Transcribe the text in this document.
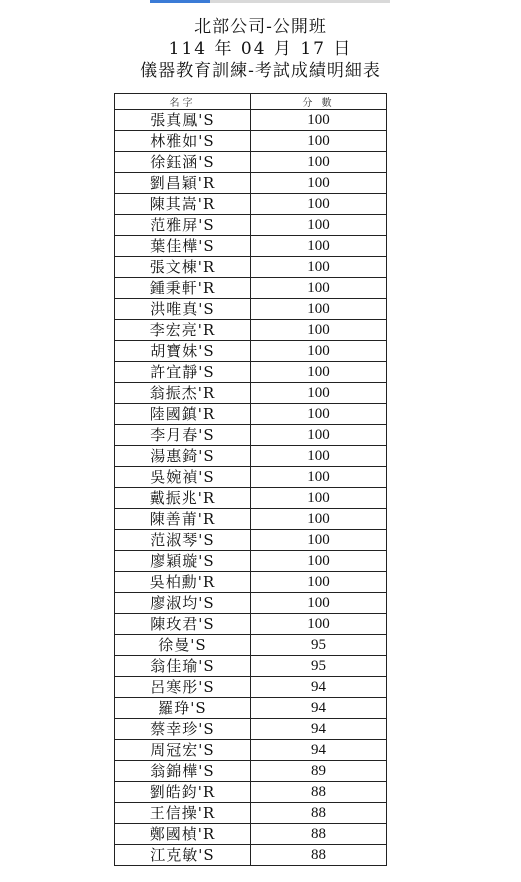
北部公司-公開班
114 年 04 月 17 日
儀器教育訓練-考試成績明細表
名字	分 數
張真鳳'S	100
林雅如'S	100
徐鈺涵'S	100
劉昌穎'R	100
陳其嵩'R	100
范雅屏'S	100
葉佳樺'S	100
張文棟'R	100
鍾秉軒'R	100
洪唯真'S	100
李宏亮'R	100
胡寶妹'S	100
許宜靜'S	100
翁振杰'R	100
陸國鎮'R	100
李月春'S	100
湯惠錡'S	100
吳婉禎'S	100
戴振兆'R	100
陳善莆'R	100
范淑琴'S	100
廖穎璇'S	100
吳柏勳'R	100
廖淑均'S	100
陳玫君'S	100
徐曼'S	95
翁佳瑜'S	95
呂寒彤'S	94
羅琤'S	94
蔡幸珍'S	94
周冠宏'S	94
翁錦樺'S	89
劉皓鈞'R	88
王信操'R	88
鄭國楨'R	88
江克敏'S	88
